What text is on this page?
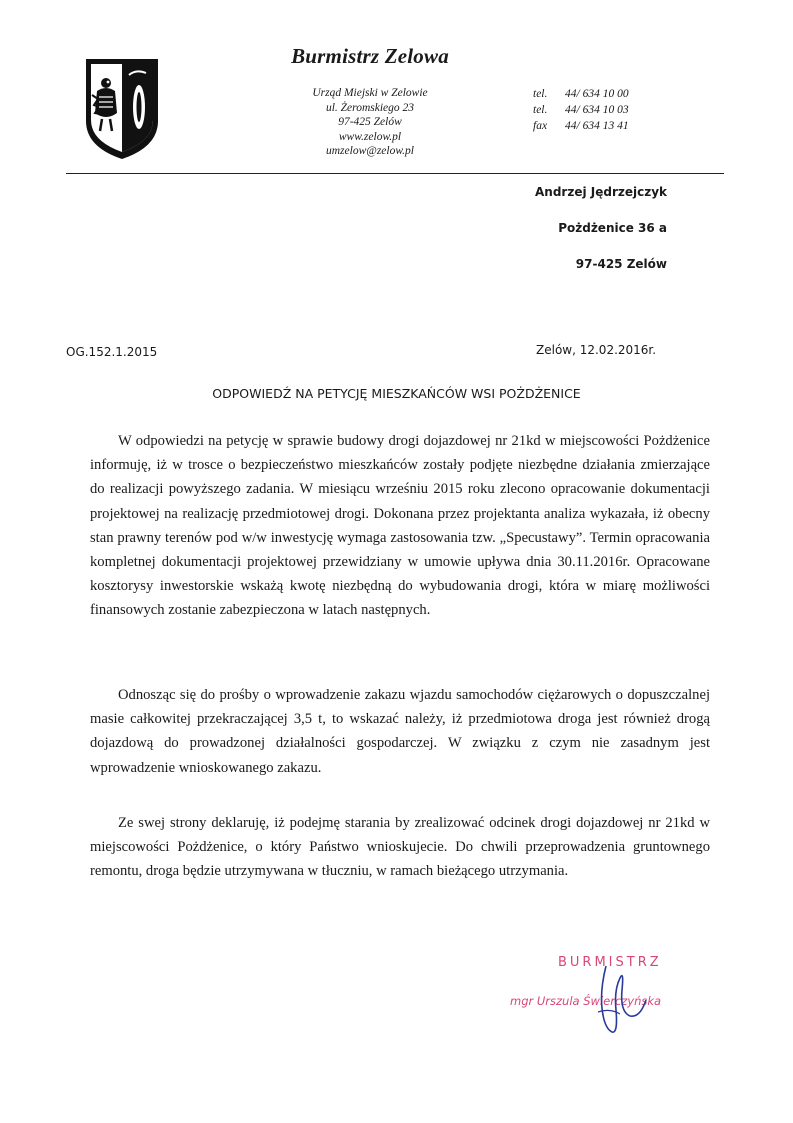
Burmistrz Zelowa
Urząd Miejski w Zelowie
ul. Żeromskiego 23
97-425 Zelów
www.zelow.pl
umzelow@zelow.pl
tel.	44/ 634 10 00
tel.	44/ 634 10 03
fax	44/ 634 13 41
Andrzej Jędrzejczyk
Pożdżenice 36 a
97-425 Zelów
OG.152.1.2015	Zelów, 12.02.2016r.
ODPOWIEDŹ NA PETYCJĘ MIESZKAŃCÓW WSI POŻDŻENICE

W odpowiedzi na petycję w sprawie budowy drogi dojazdowej nr 21kd w miejscowości Pożdżenice informuję, iż w trosce o bezpieczeństwo mieszkańców zostały podjęte niezbędne działania zmierzające do realizacji powyższego zadania. W miesiącu wrześniu 2015 roku zlecono opracowanie dokumentacji projektowej na realizację przedmiotowej drogi. Dokonana przez projektanta analiza wykazała, iż obecny stan prawny terenów pod w/w inwestycję wymaga zastosowania tzw. „Specustawy”. Termin opracowania kompletnej dokumentacji projektowej przewidziany w umowie upływa dnia 30.11.2016r. Opracowane kosztorysy inwestorskie wskażą kwotę niezbędną do wybudowania drogi, która w miarę możliwości finansowych zostanie zabezpieczona w latach następnych.

Odnosząc się do prośby o wprowadzenie zakazu wjazdu samochodów ciężarowych o dopuszczalnej masie całkowitej przekraczającej 3,5 t, to wskazać należy, iż przedmiotowa droga jest również drogą dojazdową do prowadzonej działalności gospodarczej. W związku z czym nie zasadnym jest wprowadzenie wnioskowanego zakazu.

Ze swej strony deklaruję, iż podejmę starania by zrealizować odcinek drogi dojazdowej nr 21kd w miejscowości Pożdżenice, o który Państwo wnioskujecie. Do chwili przeprowadzenia gruntownego remontu, droga będzie utrzymywana w tłuczniu, w ramach bieżącego utrzymania.

BURMISTRZ
mgr Urszula Świerczyńska
